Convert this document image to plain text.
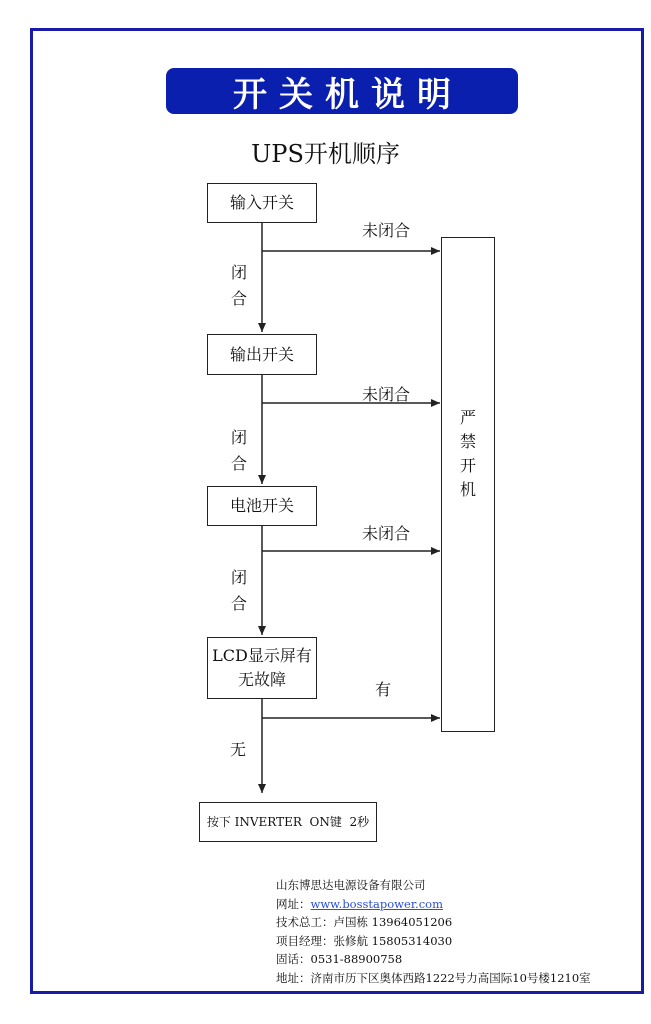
开关机说明
UPS开机顺序
输入开关
输出开关
电池开关
LCD显示屏有
无故障
按下 INVERTER  ON键  2秒
未闭合
未闭合
未闭合
有
闭
合
闭
合
闭
合
无
严
禁
开
机
山东博思达电源设备有限公司
网址：www.bosstapower.com
技术总工：卢国栋 13964051206
项目经理：张修航 15805314030
固话：0531-88900758
地址：济南市历下区奥体西路1222号力高国际10号楼1210室
